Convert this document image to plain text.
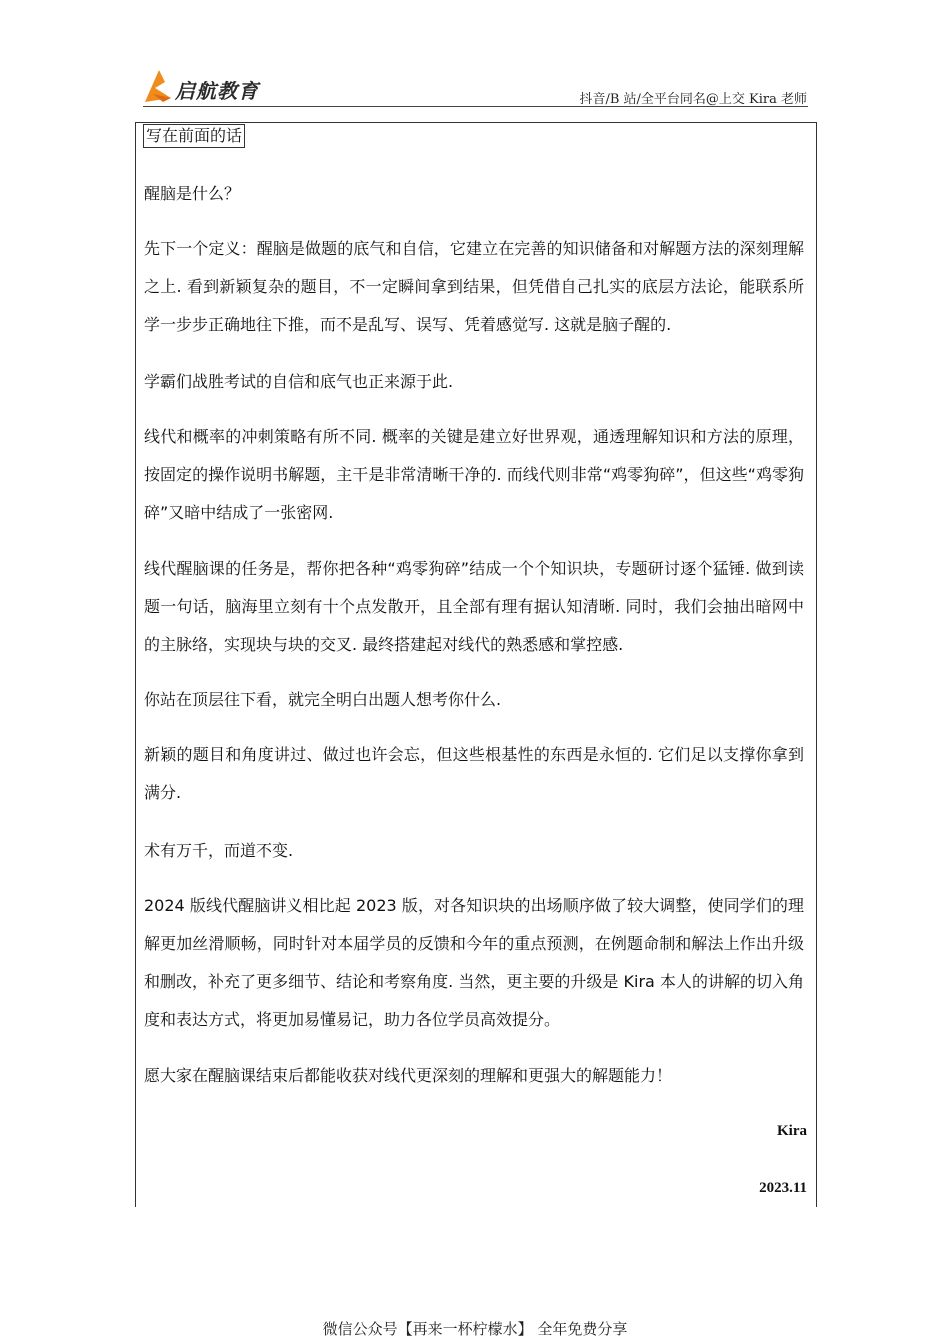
启航教育	抖音/B 站/全平台同名@上交 Kira 老师
写在前面的话

醒脑是什么？

先下一个定义：醒脑是做题的底气和自信，它建立在完善的知识储备和对解题方法的深刻理解之上. 看到新颖复杂的题目，不一定瞬间拿到结果，但凭借自己扎实的底层方法论，能联系所学一步步正确地往下推，而不是乱写、误写、凭着感觉写. 这就是脑子醒的.

学霸们战胜考试的自信和底气也正来源于此.

线代和概率的冲刺策略有所不同. 概率的关键是建立好世界观，通透理解知识和方法的原理，按固定的操作说明书解题，主干是非常清晰干净的. 而线代则非常“鸡零狗碎”，但这些“鸡零狗碎”又暗中结成了一张密网.

线代醒脑课的任务是，帮你把各种“鸡零狗碎”结成一个个知识块，专题研讨逐个猛锤. 做到读题一句话，脑海里立刻有十个点发散开，且全部有理有据认知清晰. 同时，我们会抽出暗网中的主脉络，实现块与块的交叉. 最终搭建起对线代的熟悉感和掌控感.

你站在顶层往下看，就完全明白出题人想考你什么.

新颖的题目和角度讲过、做过也许会忘，但这些根基性的东西是永恒的. 它们足以支撑你拿到满分.

术有万千，而道不变.

2024 版线代醒脑讲义相比起 2023 版，对各知识块的出场顺序做了较大调整，使同学们的理解更加丝滑顺畅，同时针对本届学员的反馈和今年的重点预测，在例题命制和解法上作出升级和删改，补充了更多细节、结论和考察角度. 当然，更主要的升级是 Kira 本人的讲解的切入角度和表达方式，将更加易懂易记，助力各位学员高效提分。

愿大家在醒脑课结束后都能收获对线代更深刻的理解和更强大的解题能力！

Kira
2023.11
微信公众号【再来一杯柠檬水】 全年免费分享
